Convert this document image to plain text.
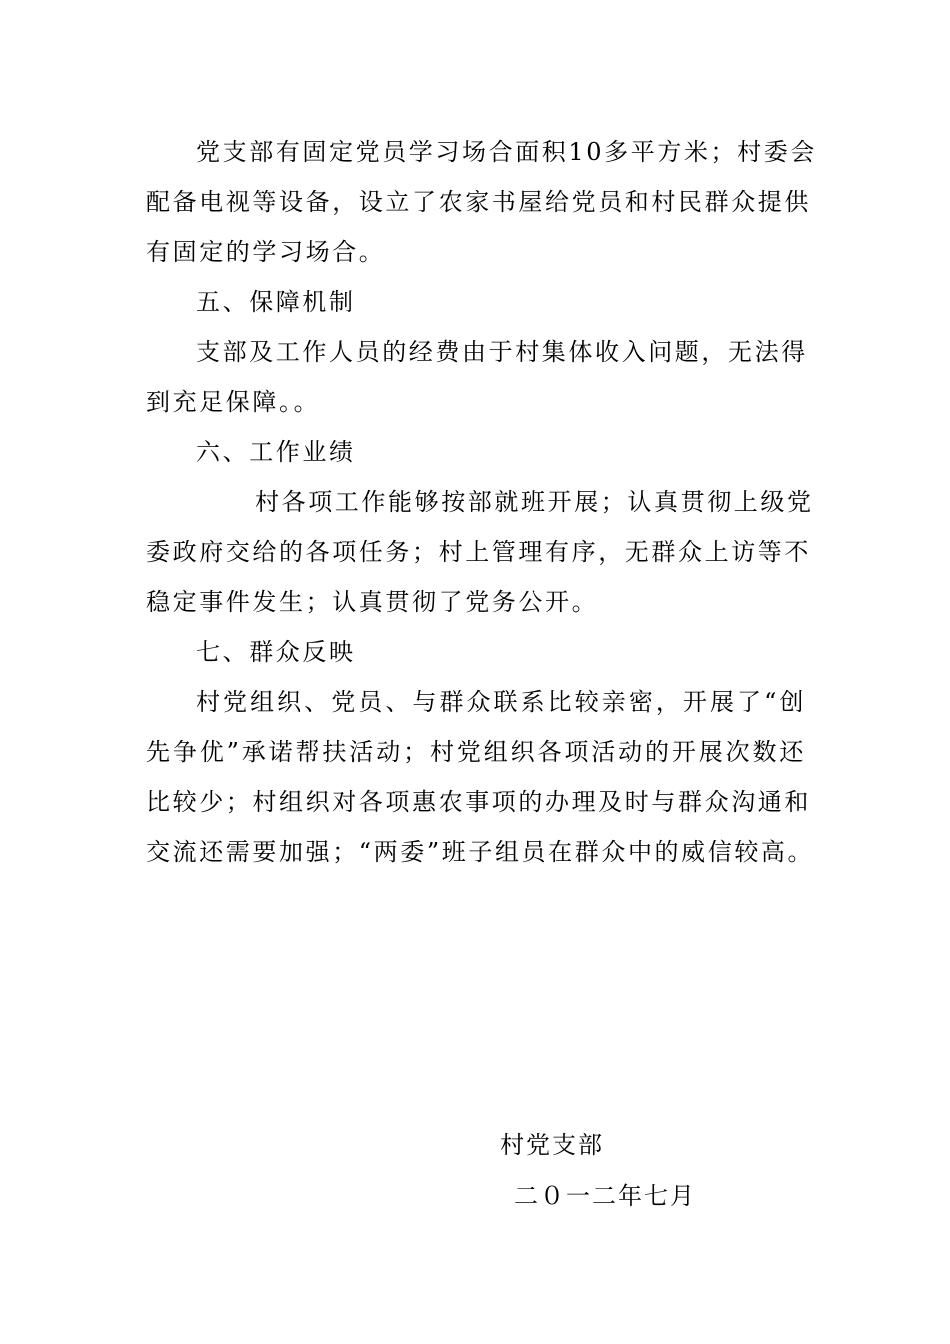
党支部有固定党员学习场合面积10多平方米；村委会
配备电视等设备，设立了农家书屋给党员和村民群众提供
有固定的学习场合。
五、保障机制
支部及工作人员的经费由于村集体收入问题，无法得
到充足保障。。
六、工作业绩
村各项工作能够按部就班开展；认真贯彻上级党
委政府交给的各项任务；村上管理有序，无群众上访等不
稳定事件发生；认真贯彻了党务公开。
七、群众反映
村党组织、党员、与群众联系比较亲密，开展了“创
先争优”承诺帮扶活动；村党组织各项活动的开展次数还
比较少；村组织对各项惠农事项的办理及时与群众沟通和
交流还需要加强；“两委”班子组员在群众中的威信较高。
村党支部
二０一二年七月
